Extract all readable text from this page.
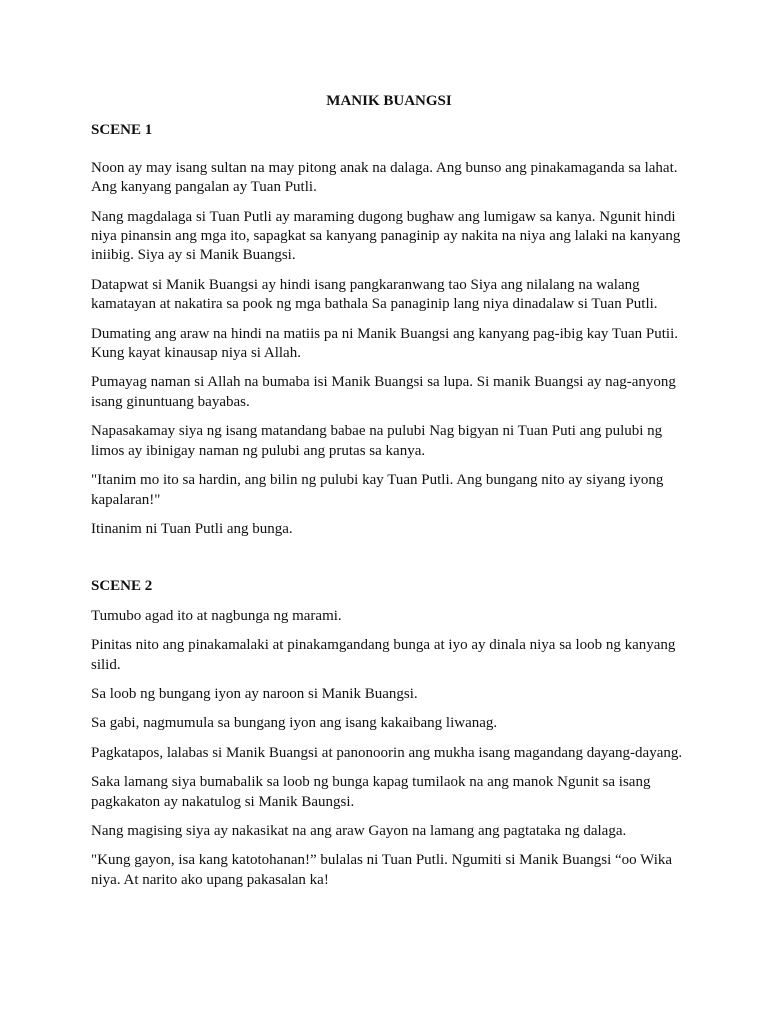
MANIK BUANGSI
SCENE 1

Noon ay may isang sultan na may pitong anak na dalaga. Ang bunso ang pinakamaganda sa lahat. Ang kanyang pangalan ay Tuan Putli.

Nang magdalaga si Tuan Putli ay maraming dugong bughaw ang lumigaw sa kanya. Ngunit hindi niya pinansin ang mga ito, sapagkat sa kanyang panaginip ay nakita na niya ang lalaki na kanyang iniibig. Siya ay si Manik Buangsi.

Datapwat si Manik Buangsi ay hindi isang pangkaranwang tao Siya ang nilalang na walang kamatayan at nakatira sa pook ng mga bathala Sa panaginip lang niya dinadalaw si Tuan Putli.

Dumating ang araw na hindi na matiis pa ni Manik Buangsi ang kanyang pag-ibig kay Tuan Putii. Kung kayat kinausap niya si Allah.

Pumayag naman si Allah na bumaba isi Manik Buangsi sa lupa. Si manik Buangsi ay nag-anyong isang ginuntuang bayabas.

Napasakamay siya ng isang matandang babae na pulubi Nag bigyan ni Tuan Puti ang pulubi ng limos ay ibinigay naman ng pulubi ang prutas sa kanya.

"Itanim mo ito sa hardin, ang bilin ng pulubi kay Tuan Putli. Ang bungang nito ay siyang iyong kapalaran!"

Itinanim ni Tuan Putli ang bunga.

SCENE 2

Tumubo agad ito at nagbunga ng marami.

Pinitas nito ang pinakamalaki at pinakamgandang bunga at iyo ay dinala niya sa loob ng kanyang silid.

Sa loob ng bungang iyon ay naroon si Manik Buangsi.

Sa gabi, nagmumula sa bungang iyon ang isang kakaibang liwanag.

Pagkatapos, lalabas si Manik Buangsi at panonoorin ang mukha isang magandang dayang-dayang.

Saka lamang siya bumabalik sa loob ng bunga kapag tumilaok na ang manok Ngunit sa isang pagkakaton ay nakatulog si Manik Baungsi.

Nang magising siya ay nakasikat na ang araw Gayon na lamang ang pagtataka ng dalaga.

"Kung gayon, isa kang katotohanan!” bulalas ni Tuan Putli. Ngumiti si Manik Buangsi “oo Wika niya. At narito ako upang pakasalan ka!
